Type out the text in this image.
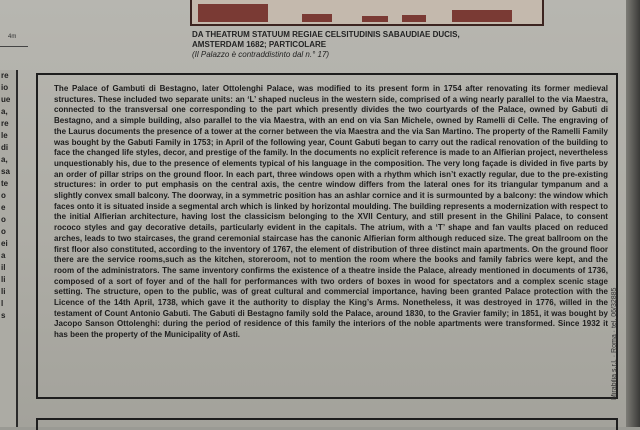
4m	DA THEATRUM STATUUM REGIAE CELSITUDINIS SABAUDIAE DUCIS,
AMSTERDAM 1682; PARTICOLARE
(Il Palazzo è contraddistinto dal n.° 17)
re
io
ue
a,
re
le
di
a,
sa
te
o
e
o
o
ei
a
il
li
li
l
s
The Palace of Gambuti di Bestagno, later Ottolenghi Palace, was modified to its present form in 1754 after renovating its former medieval structures. These included two separate units: an ‘L’ shaped nucleus in the western side, comprised of a wing nearly parallel to the via Maestra, connected to the transversal one corresponding to the part which presently divides the two courtyards of the Palace, owned by Gabuti di Bestagno, and a simple building, also parallel to the via Maestra, with an end on via San Michele, owned by Ramelli di Celle. The engraving of the Laurus documents the presence of a tower at the corner between the via Maestra and the via San Martino. The property of the Ramelli Family was bought by the Gabuti Family in 1753; in April of the following year, Count Gabuti began to carry out the radical renovation of the building to face the changed life styles, decor, and prestige of the family. In the documents no explicit reference is made to an Alfierian project, nevertheless unquestionably his, due to the presence of elements typical of his language in the composition. The very long façade is divided in five parts by an order of pillar strips on the ground floor. In each part, three windows open with a rhythm which isn’t exactly regular, due to the pre-existing structures: in order to put emphasis on the central axis, the centre window differs from the lateral ones for its triangular tympanum and a slightly convex small balcony. The doorway, in a symmetric position has an ashlar cornice and it is surmounted by a balcony: the window which faces onto it is situated inside a segmental arch which is linked by horizontal moulding. The building represents a modernization with respect to the initial Alfierian architecture, having lost the classicism belonging to the XVII Century, and still present in the Ghilini Palace, to consent rococo styles and gay decorative details, particularly evident in the capitals. The atrium, with a ‘T’ shape and fan vaults placed on reduced arches, leads to two staircases, the grand ceremonial staircase has the canonic Alfierian form although reduced size. The great ballroom on the first floor also constituted, according to the inventory of 1767, the element of distribution of three distinct main apartments. On the ground floor there are the service rooms,such as the kitchen, storeroom, not to mention the room where the books and family fabrics were kept, and the room of the administrators. The same inventory confirms the existence of a theatre inside the Palace, already mentioned in documents of 1736, composed of a sort of foyer and of the hall for performances with two orders of boxes in wood for spectators and a complex scenic stage setting. The structure, open to the public, was of great cultural and commercial importance, having been granted Palace protection with the Licence of the 14th April, 1738, which gave it the authority to display the King’s Arms. Nonetheless, it was destroyed in 1776, willed in the testament of Count Antonio Gabuti. The Gabuti di Bestagno family sold the Palace, around 1830, to the Gravier family; in 1851, it was bought by Jacopo Sanson Ottolenghi: during the period of residence of this family the interiors of the noble apartments were transformed. Since 1932 it has been the property of the Municipality of Asti.	Mirabilia s.r.l. · Roma · tel. 06/32885
